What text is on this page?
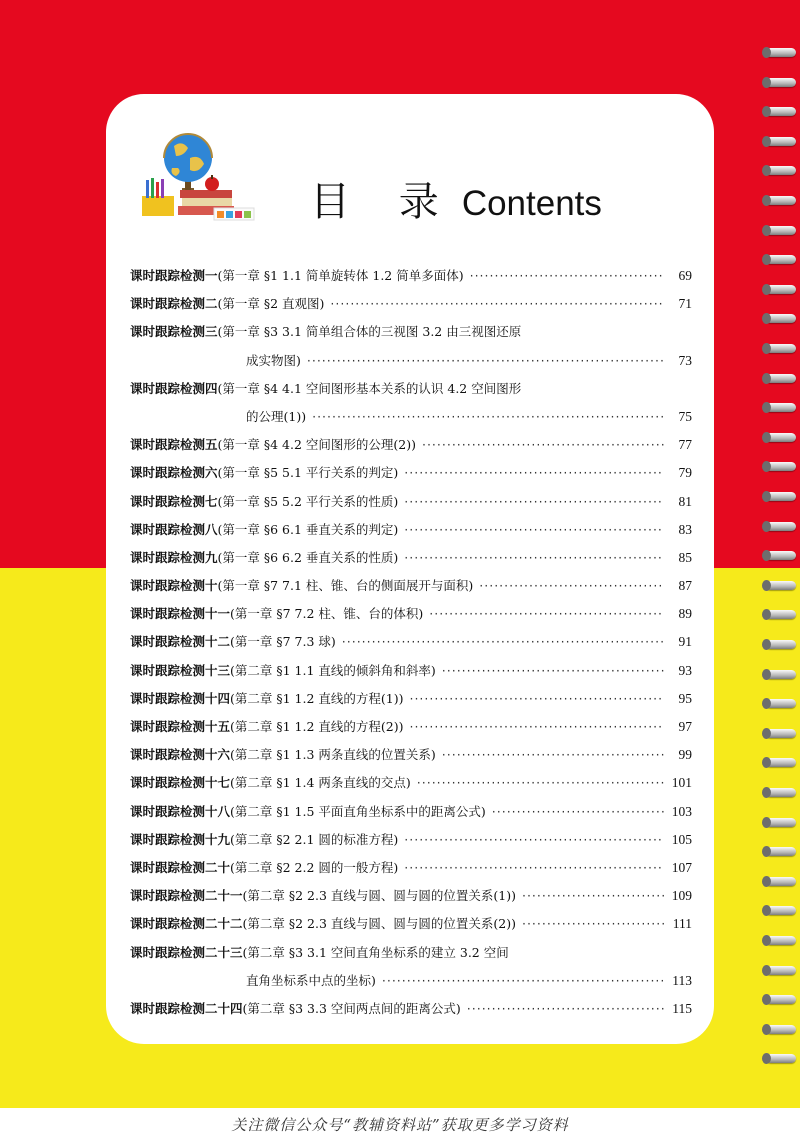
关注微信公众号“教辅资料站”获取更多学习资料
目 录 Contents
课时跟踪检测一 (第一章 §1 1.1 简单旋转体 1.2 简单多面体) ·····	69
课时跟踪检测二 (第一章 §2 直观图) ·····	71
课时跟踪检测三 (第一章 §3 3.1 简单组合体的三视图 3.2 由三视图还原
成实物图) ·····	73
课时跟踪检测四 (第一章 §4 4.1 空间图形基本关系的认识 4.2 空间图形
的公理(1)) ·····	75
课时跟踪检测五 (第一章 §4 4.2 空间图形的公理(2)) ·····	77
课时跟踪检测六 (第一章 §5 5.1 平行关系的判定) ·····	79
课时跟踪检测七 (第一章 §5 5.2 平行关系的性质) ·····	81
课时跟踪检测八 (第一章 §6 6.1 垂直关系的判定) ·····	83
课时跟踪检测九 (第一章 §6 6.2 垂直关系的性质) ·····	85
课时跟踪检测十 (第一章 §7 7.1 柱、锥、台的侧面展开与面积) ·····	87
课时跟踪检测十一 (第一章 §7 7.2 柱、锥、台的体积) ·····	89
课时跟踪检测十二 (第一章 §7 7.3 球) ·····	91
课时跟踪检测十三 (第二章 §1 1.1 直线的倾斜角和斜率) ·····	93
课时跟踪检测十四 (第二章 §1 1.2 直线的方程(1)) ·····	95
课时跟踪检测十五 (第二章 §1 1.2 直线的方程(2)) ·····	97
课时跟踪检测十六 (第二章 §1 1.3 两条直线的位置关系) ·····	99
课时跟踪检测十七 (第二章 §1 1.4 两条直线的交点) ·····	101
课时跟踪检测十八 (第二章 §1 1.5 平面直角坐标系中的距离公式) ·····	103
课时跟踪检测十九 (第二章 §2 2.1 圆的标准方程) ·····	105
课时跟踪检测二十 (第二章 §2 2.2 圆的一般方程) ·····	107
课时跟踪检测二十一 (第二章 §2 2.3 直线与圆、圆与圆的位置关系(1)) ·····	109
课时跟踪检测二十二 (第二章 §2 2.3 直线与圆、圆与圆的位置关系(2)) ·····	111
课时跟踪检测二十三 (第二章 §3 3.1 空间直角坐标系的建立 3.2 空间
直角坐标系中点的坐标) ·····	113
课时跟踪检测二十四 (第二章 §3 3.3 空间两点间的距离公式) ·····	115
